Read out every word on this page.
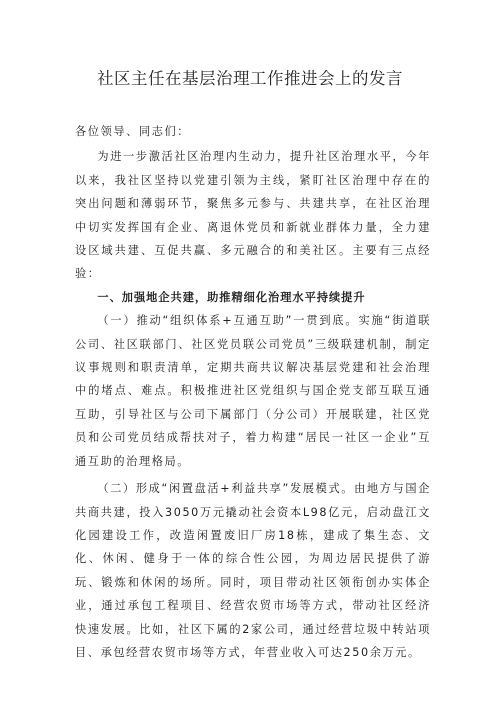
社区主任在基层治理工作推进会上的发言

各位领导、同志们：

为进一步激活社区治理内生动力，提升社区治理水平，今年以来，我社区坚持以党建引领为主线，紧盯社区治理中存在的突出问题和薄弱环节，聚焦多元参与、共建共享，在社区治理中切实发挥国有企业、离退休党员和新就业群体力量，全力建设区域共建、互促共赢、多元融合的和美社区。主要有三点经验：

一、加强地企共建，助推精细化治理水平持续提升

（一）推动“组织体系+互通互助”一贯到底。实施“街道联公司、社区联部门、社区党员联公司党员”三级联建机制，制定议事规则和职责清单，定期共商共议解决基层党建和社会治理中的堵点、难点。积极推进社区党组织与国企党支部互联互通互助，引导社区与公司下属部门（分公司）开展联建，社区党员和公司党员结成帮扶对子，着力构建“居民一社区一企业”互通互助的治理格局。

（二）形成“闲置盘活+利益共享”发展模式。由地方与国企共商共建，投入3050万元撬动社会资本L98亿元，启动盘江文化园建设工作，改造闲置废旧厂房18栋，建成了集生态、文化、休闲、健身于一体的综合性公园，为周边居民提供了游玩、锻炼和休闲的场所。同时，项目带动社区领衔创办实体企业，通过承包工程项目、经营农贸市场等方式，带动社区经济快速发展。比如，社区下属的2家公司，通过经营垃圾中转站项目、承包经营农贸市场等方式，年营业收入可达250余万元。
